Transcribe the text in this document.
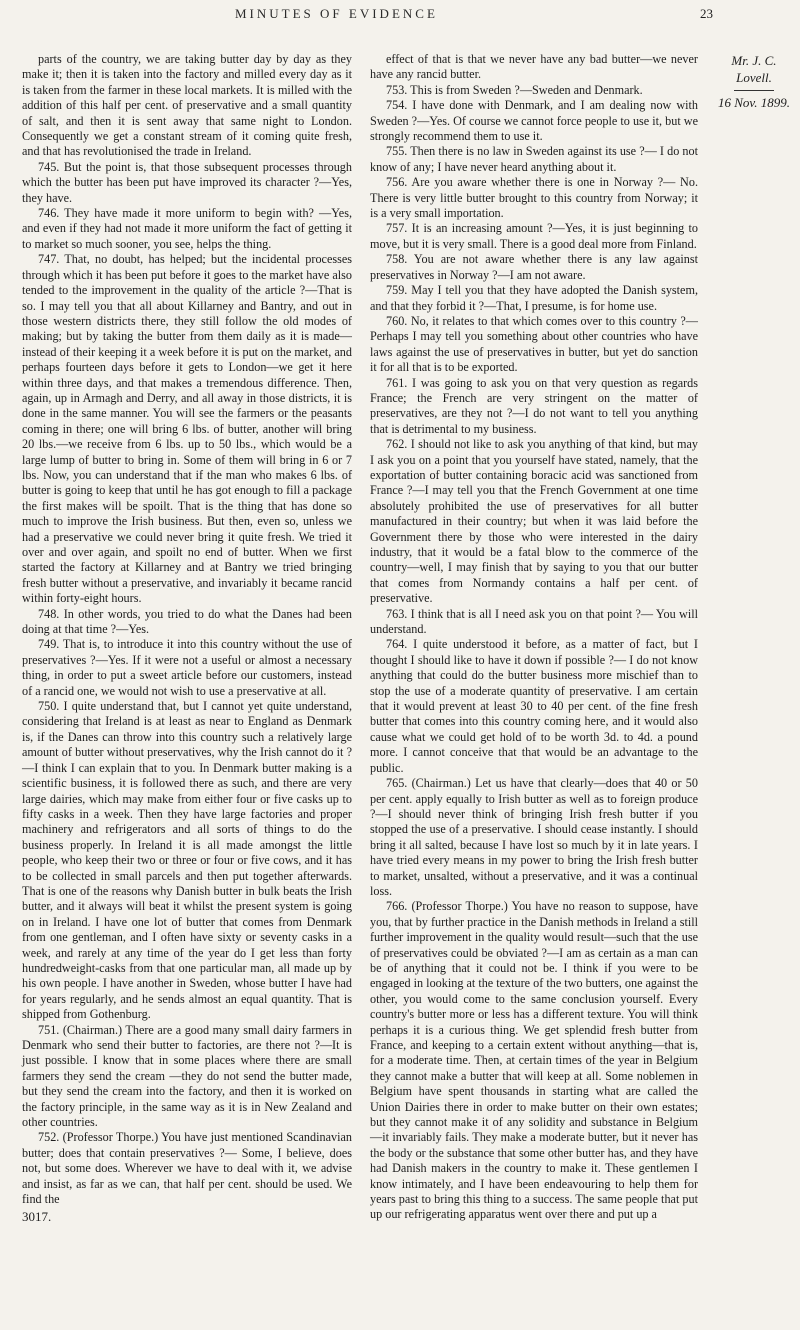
MINUTES OF EVIDENCE	23

parts of the country, we are taking butter day by day as they make it; then it is taken into the factory and milled every day as it is taken from the farmer in these local markets. It is milled with the addition of this half per cent. of preservative and a small quantity of salt, and then it is sent away that same night to London. Consequently we get a constant stream of it coming quite fresh, and that has revolutionised the trade in Ireland.

745. But the point is, that those subsequent processes through which the butter has been put have improved its character ?—Yes, they have.

746. They have made it more uniform to begin with? —Yes, and even if they had not made it more uniform the fact of getting it to market so much sooner, you see, helps the thing.

747. That, no doubt, has helped; but the incidental processes through which it has been put before it goes to the market have also tended to the improvement in the quality of the article ?—That is so. I may tell you that all about Killarney and Bantry, and out in those western districts there, they still follow the old modes of making; but by taking the butter from them daily as it is made—instead of their keeping it a week before it is put on the market, and perhaps fourteen days before it gets to London—we get it here within three days, and that makes a tremendous difference. Then, again, up in Armagh and Derry, and all away in those districts, it is done in the same manner. You will see the farmers or the peasants coming in there; one will bring 6 lbs. of butter, another will bring 20 lbs.—we receive from 6 lbs. up to 50 lbs., which would be a large lump of butter to bring in. Some of them will bring in 6 or 7 lbs. Now, you can understand that if the man who makes 6 lbs. of butter is going to keep that until he has got enough to fill a package the first makes will be spoilt. That is the thing that has done so much to improve the Irish business. But then, even so, unless we had a preservative we could never bring it quite fresh. We tried it over and over again, and spoilt no end of butter. When we first started the factory at Killarney and at Bantry we tried bringing fresh butter without a preservative, and invariably it became rancid within forty-eight hours.

748. In other words, you tried to do what the Danes had been doing at that time ?—Yes.

749. That is, to introduce it into this country without the use of preservatives ?—Yes. If it were not a useful or almost a necessary thing, in order to put a sweet article before our customers, instead of a rancid one, we would not wish to use a preservative at all.

750. I quite understand that, but I cannot yet quite understand, considering that Ireland is at least as near to England as Denmark is, if the Danes can throw into this country such a relatively large amount of butter without preservatives, why the Irish cannot do it ?—I think I can explain that to you. In Denmark butter making is a scientific business, it is followed there as such, and there are very large dairies, which may make from either four or five casks up to fifty casks in a week. Then they have large factories and proper machinery and refrigerators and all sorts of things to do the business properly. In Ireland it is all made amongst the little people, who keep their two or three or four or five cows, and it has to be collected in small parcels and then put together afterwards. That is one of the reasons why Danish butter in bulk beats the Irish butter, and it always will beat it whilst the present system is going on in Ireland. I have one lot of butter that comes from Denmark from one gentleman, and I often have sixty or seventy casks in a week, and rarely at any time of the year do I get less than forty hundredweight-casks from that one particular man, all made up by his own people. I have another in Sweden, whose butter I have had for years regularly, and he sends almost an equal quantity. That is shipped from Gothenburg.

751. (Chairman.) There are a good many small dairy farmers in Denmark who send their butter to factories, are there not ?—It is just possible. I know that in some places where there are small farmers they send the cream —they do not send the butter made, but they send the cream into the factory, and then it is worked on the factory principle, in the same way as it is in New Zealand and other countries.

752. (Professor Thorpe.) You have just mentioned Scandinavian butter; does that contain preservatives ?— Some, I believe, does not, but some does. Wherever we have to deal with it, we advise and insist, as far as we can, that half per cent. should be used. We find the

3017.

effect of that is that we never have any bad butter—we never have any rancid butter.

753. This is from Sweden ?—Sweden and Denmark.

754. I have done with Denmark, and I am dealing now with Sweden ?—Yes. Of course we cannot force people to use it, but we strongly recommend them to use it.

755. Then there is no law in Sweden against its use ?— I do not know of any; I have never heard anything about it.

756. Are you aware whether there is one in Norway ?— No. There is very little butter brought to this country from Norway; it is a very small importation.

757. It is an increasing amount ?—Yes, it is just beginning to move, but it is very small. There is a good deal more from Finland.

758. You are not aware whether there is any law against preservatives in Norway ?—I am not aware.

759. May I tell you that they have adopted the Danish system, and that they forbid it ?—That, I presume, is for home use.

760. No, it relates to that which comes over to this country ?—Perhaps I may tell you something about other countries who have laws against the use of preservatives in butter, but yet do sanction it for all that is to be exported.

761. I was going to ask you on that very question as regards France; the French are very stringent on the matter of preservatives, are they not ?—I do not want to tell you anything that is detrimental to my business.

762. I should not like to ask you anything of that kind, but may I ask you on a point that you yourself have stated, namely, that the exportation of butter containing boracic acid was sanctioned from France ?—I may tell you that the French Government at one time absolutely prohibited the use of preservatives for all butter manufactured in their country; but when it was laid before the Government there by those who were interested in the dairy industry, that it would be a fatal blow to the commerce of the country—well, I may finish that by saying to you that our butter that comes from Normandy contains a half per cent. of preservative.

763. I think that is all I need ask you on that point ?— You will understand.

764. I quite understood it before, as a matter of fact, but I thought I should like to have it down if possible ?— I do not know anything that could do the butter business more mischief than to stop the use of a moderate quantity of preservative. I am certain that it would prevent at least 30 to 40 per cent. of the fine fresh butter that comes into this country coming here, and it would also cause what we could get hold of to be worth 3d. to 4d. a pound more. I cannot conceive that that would be an advantage to the public.

765. (Chairman.) Let us have that clearly—does that 40 or 50 per cent. apply equally to Irish butter as well as to foreign produce ?—I should never think of bringing Irish fresh butter if you stopped the use of a preservative. I should cease instantly. I should bring it all salted, because I have lost so much by it in late years. I have tried every means in my power to bring the Irish fresh butter to market, unsalted, without a preservative, and it was a continual loss.

766. (Professor Thorpe.) You have no reason to suppose, have you, that by further practice in the Danish methods in Ireland a still further improvement in the quality would result—such that the use of preservatives could be obviated ?—I am as certain as a man can be of anything that it could not be. I think if you were to be engaged in looking at the texture of the two butters, one against the other, you would come to the same conclusion yourself. Every country's butter more or less has a different texture. You will think perhaps it is a curious thing. We get splendid fresh butter from France, and keeping to a certain extent without anything—that is, for a moderate time. Then, at certain times of the year in Belgium they cannot make a butter that will keep at all. Some noblemen in Belgium have spent thousands in starting what are called the Union Dairies there in order to make butter on their own estates; but they cannot make it of any solidity and substance in Belgium—it invariably fails. They make a moderate butter, but it never has the body or the substance that some other butter has, and they have had Danish makers in the country to make it. These gentlemen I know intimately, and I have been endeavouring to help them for years past to bring this thing to a success. The same people that put up our refrigerating apparatus went over there and put up a

Mr. J. C.
Lovell.
16 Nov. 1899.
